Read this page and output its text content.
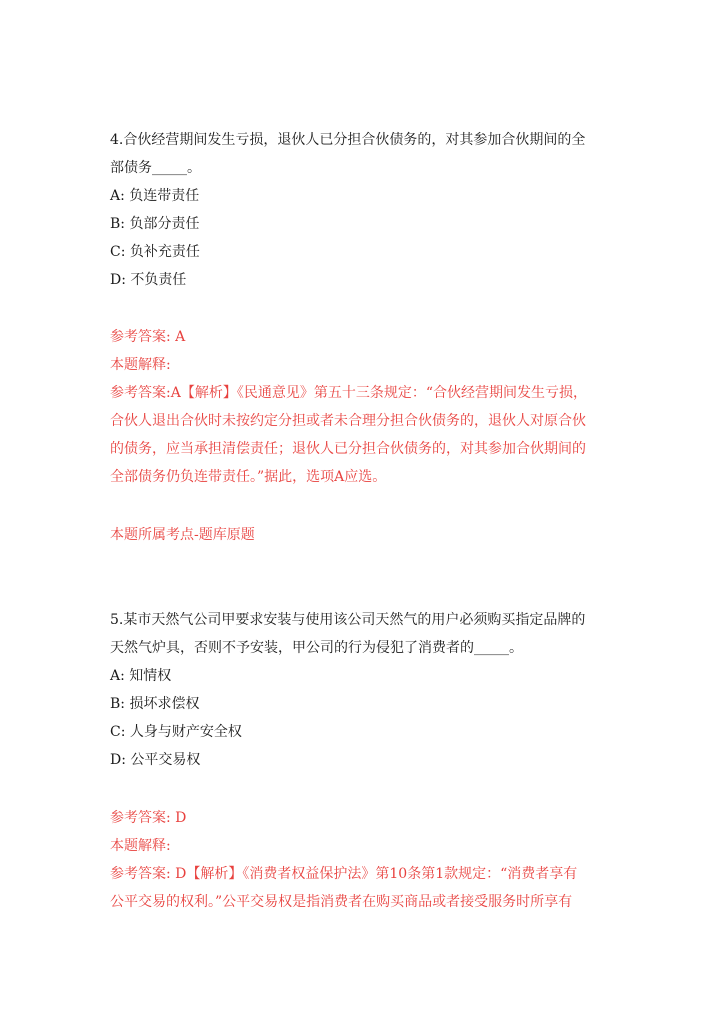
4.合伙经营期间发生亏损，退伙人已分担合伙债务的，对其参加合伙期间的全
部债务_____。
A: 负连带责任
B: 负部分责任
C: 负补充责任
D: 不负责任
参考答案: A
本题解释:
参考答案:A【解析】《民通意见》第五十三条规定：“合伙经营期间发生亏损，
合伙人退出合伙时未按约定分担或者未合理分担合伙债务的，退伙人对原合伙
的债务，应当承担清偿责任；退伙人已分担合伙债务的，对其参加合伙期间的
全部债务仍负连带责任。”据此，选项A应选。
本题所属考点-题库原题
5.某市天然气公司甲要求安装与使用该公司天然气的用户必须购买指定品牌的
天然气炉具，否则不予安装，甲公司的行为侵犯了消费者的_____。
A: 知情权
B: 损坏求偿权
C: 人身与财产安全权
D: 公平交易权
参考答案: D
本题解释:
参考答案: D【解析】《消费者权益保护法》第10条第1款规定：“消费者享有
公平交易的权利。”公平交易权是指消费者在购买商品或者接受服务时所享有
